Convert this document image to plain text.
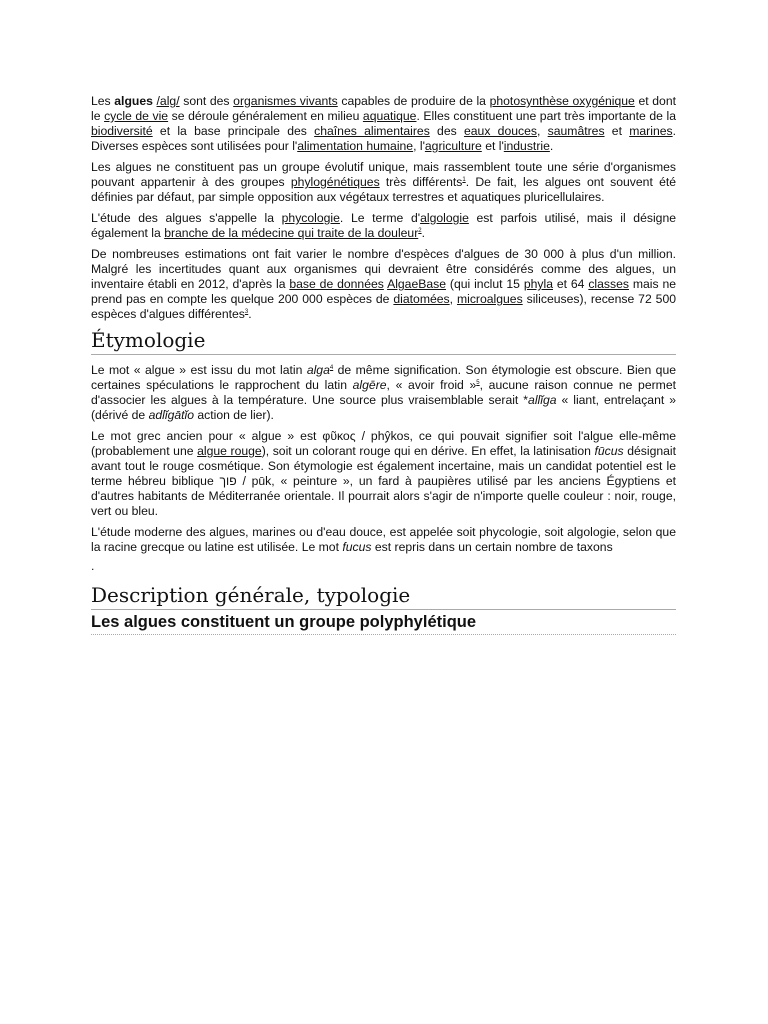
Les algues /alɡ/ sont des organismes vivants capables de produire de la photosynthèse oxygénique et dont le cycle de vie se déroule généralement en milieu aquatique. Elles constituent une part très importante de la biodiversité et la base principale des chaînes alimentaires des eaux douces, saumâtres et marines. Diverses espèces sont utilisées pour l'alimentation humaine, l'agriculture et l'industrie.

Les algues ne constituent pas un groupe évolutif unique, mais rassemblent toute une série d'organismes pouvant appartenir à des groupes phylogénétiques très différents$^1$. De fait, les algues ont souvent été définies par défaut, par simple opposition aux végétaux terrestres et aquatiques pluricellulaires.

L'étude des algues s'appelle la phycologie. Le terme d'algologie est parfois utilisé, mais il désigne également la branche de la médecine qui traite de la douleur$^2$.

De nombreuses estimations ont fait varier le nombre d'espèces d'algues de 30 000 à plus d'un million. Malgré les incertitudes quant aux organismes qui devraient être considérés comme des algues, un inventaire établi en 2012, d'après la base de données AlgaeBase (qui inclut 15 phyla et 64 classes mais ne prend pas en compte les quelque 200 000 espèces de diatomées, microalgues siliceuses), recense 72 500 espèces d'algues différentes$^3$.

Étymologie

Le mot « algue » est issu du mot latin alga$^4$ de même signification. Son étymologie est obscure. Bien que certaines spéculations le rapprochent du latin algēre, « avoir froid »$^5$, aucune raison connue ne permet d'associer les algues à la température. Une source plus vraisemblable serait *allĭga « liant, entrelaçant » (dérivé de adlĭgātĭo action de lier).

Le mot grec ancien pour « algue » est φῦκος / phŷkos, ce qui pouvait signifier soit l'algue elle-même (probablement une algue rouge), soit un colorant rouge qui en dérive. En effet, la latinisation fūcus désignait avant tout le rouge cosmétique. Son étymologie est également incertaine, mais un candidat potentiel est le terme hébreu biblique פוך / pūk, « peinture », un fard à paupières utilisé par les anciens Égyptiens et d'autres habitants de Méditerranée orientale. Il pourrait alors s'agir de n'importe quelle couleur : noir, rouge, vert ou bleu.

L'étude moderne des algues, marines ou d'eau douce, est appelée soit phycologie, soit algologie, selon que la racine grecque ou latine est utilisée. Le mot fucus est repris dans un certain nombre de taxons

.
Description générale, typologie
Les algues constituent un groupe polyphylétique
